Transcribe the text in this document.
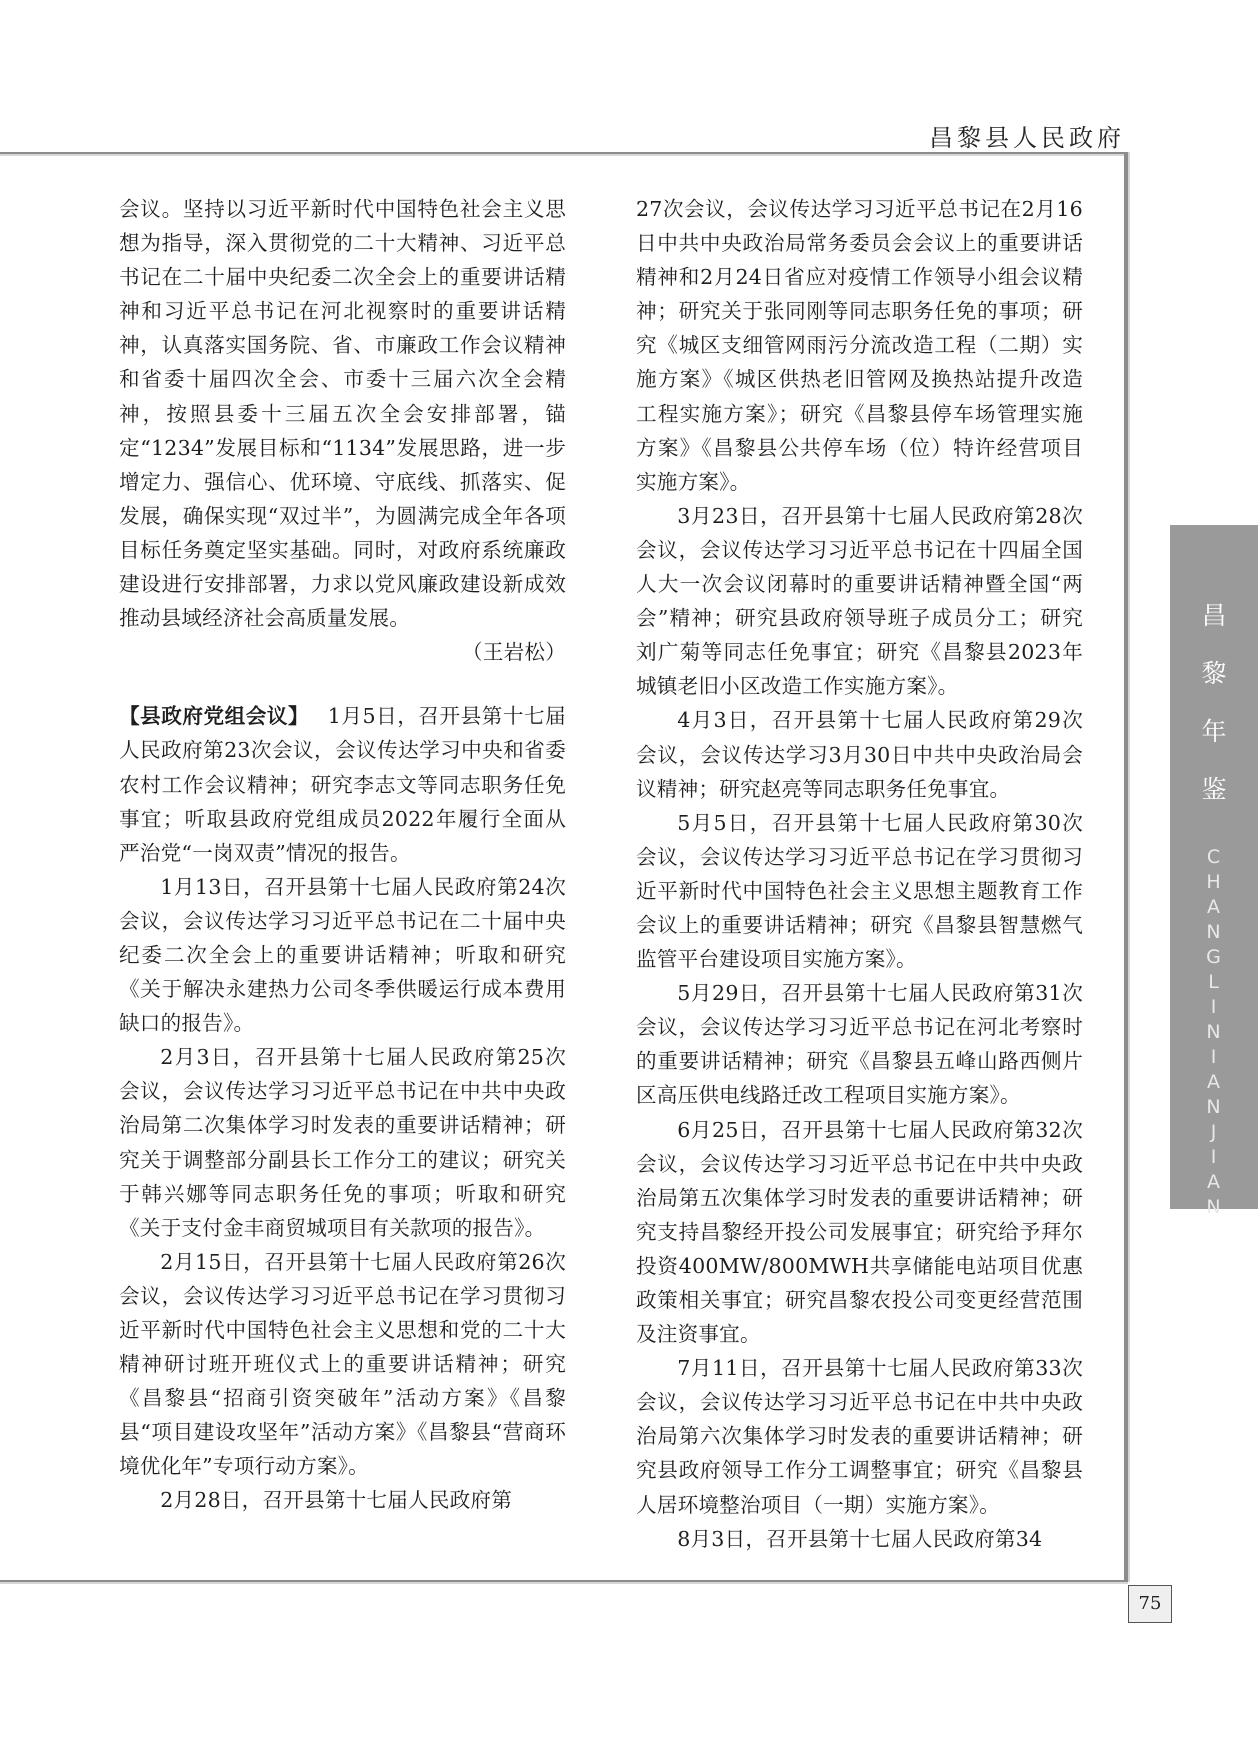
昌黎县人民政府

会议。坚持以习近平新时代中国特色社会主义思想为指导，深入贯彻党的二十大精神、习近平总书记在二十届中央纪委二次全会上的重要讲话精神和习近平总书记在河北视察时的重要讲话精神，认真落实国务院、省、市廉政工作会议精神和省委十届四次全会、市委十三届六次全会精神，按照县委十三届五次全会安排部署，锚定“1234”发展目标和“1134”发展思路，进一步增定力、强信心、优环境、守底线、抓落实、促发展，确保实现“双过半”，为圆满完成全年各项目标任务奠定坚实基础。同时，对政府系统廉政建设进行安排部署，力求以党风廉政建设新成效推动县域经济社会高质量发展。

（王岩松）

【县政府党组会议】 1月5日，召开县第十七届人民政府第23次会议，会议传达学习中央和省委农村工作会议精神；研究李志文等同志职务任免事宜；听取县政府党组成员2022年履行全面从严治党“一岗双责”情况的报告。

1月13日，召开县第十七届人民政府第24次会议，会议传达学习习近平总书记在二十届中央纪委二次全会上的重要讲话精神；听取和研究《关于解决永建热力公司冬季供暖运行成本费用缺口的报告》。

2月3日，召开县第十七届人民政府第25次会议，会议传达学习习近平总书记在中共中央政治局第二次集体学习时发表的重要讲话精神；研究关于调整部分副县长工作分工的建议；研究关于韩兴娜等同志职务任免的事项；听取和研究《关于支付金丰商贸城项目有关款项的报告》。

2月15日，召开县第十七届人民政府第26次会议，会议传达学习习近平总书记在学习贯彻习近平新时代中国特色社会主义思想和党的二十大精神研讨班开班仪式上的重要讲话精神；研究《昌黎县“招商引资突破年”活动方案》《昌黎县“项目建设攻坚年”活动方案》《昌黎县“营商环境优化年”专项行动方案》。

2月28日，召开县第十七届人民政府第

27次会议，会议传达学习习近平总书记在2月16日中共中央政治局常务委员会会议上的重要讲话精神和2月24日省应对疫情工作领导小组会议精神；研究关于张同刚等同志职务任免的事项；研究《城区支细管网雨污分流改造工程（二期）实施方案》《城区供热老旧管网及换热站提升改造工程实施方案》；研究《昌黎县停车场管理实施方案》《昌黎县公共停车场（位）特许经营项目实施方案》。

3月23日，召开县第十七届人民政府第28次会议，会议传达学习习近平总书记在十四届全国人大一次会议闭幕时的重要讲话精神暨全国“两会”精神；研究县政府领导班子成员分工；研究刘广菊等同志任免事宜；研究《昌黎县2023年城镇老旧小区改造工作实施方案》。

4月3日，召开县第十七届人民政府第29次会议，会议传达学习3月30日中共中央政治局会议精神；研究赵亮等同志职务任免事宜。

5月5日，召开县第十七届人民政府第30次会议，会议传达学习习近平总书记在学习贯彻习近平新时代中国特色社会主义思想主题教育工作会议上的重要讲话精神；研究《昌黎县智慧燃气监管平台建设项目实施方案》。

5月29日，召开县第十七届人民政府第31次会议，会议传达学习习近平总书记在河北考察时的重要讲话精神；研究《昌黎县五峰山路西侧片区高压供电线路迁改工程项目实施方案》。

6月25日，召开县第十七届人民政府第32次会议，会议传达学习习近平总书记在中共中央政治局第五次集体学习时发表的重要讲话精神；研究支持昌黎经开投公司发展事宜；研究给予拜尔投资400MW/800MWH共享储能电站项目优惠政策相关事宜；研究昌黎农投公司变更经营范围及注资事宜。

7月11日，召开县第十七届人民政府第33次会议，会议传达学习习近平总书记在中共中央政治局第六次集体学习时发表的重要讲话精神；研究县政府领导工作分工调整事宜；研究《昌黎县人居环境整治项目（一期）实施方案》。

8月3日，召开县第十七届人民政府第34

昌
黎
年
鉴
C
H
A
N
G
L
I
N
I
A
N
J
I
A
N
75
